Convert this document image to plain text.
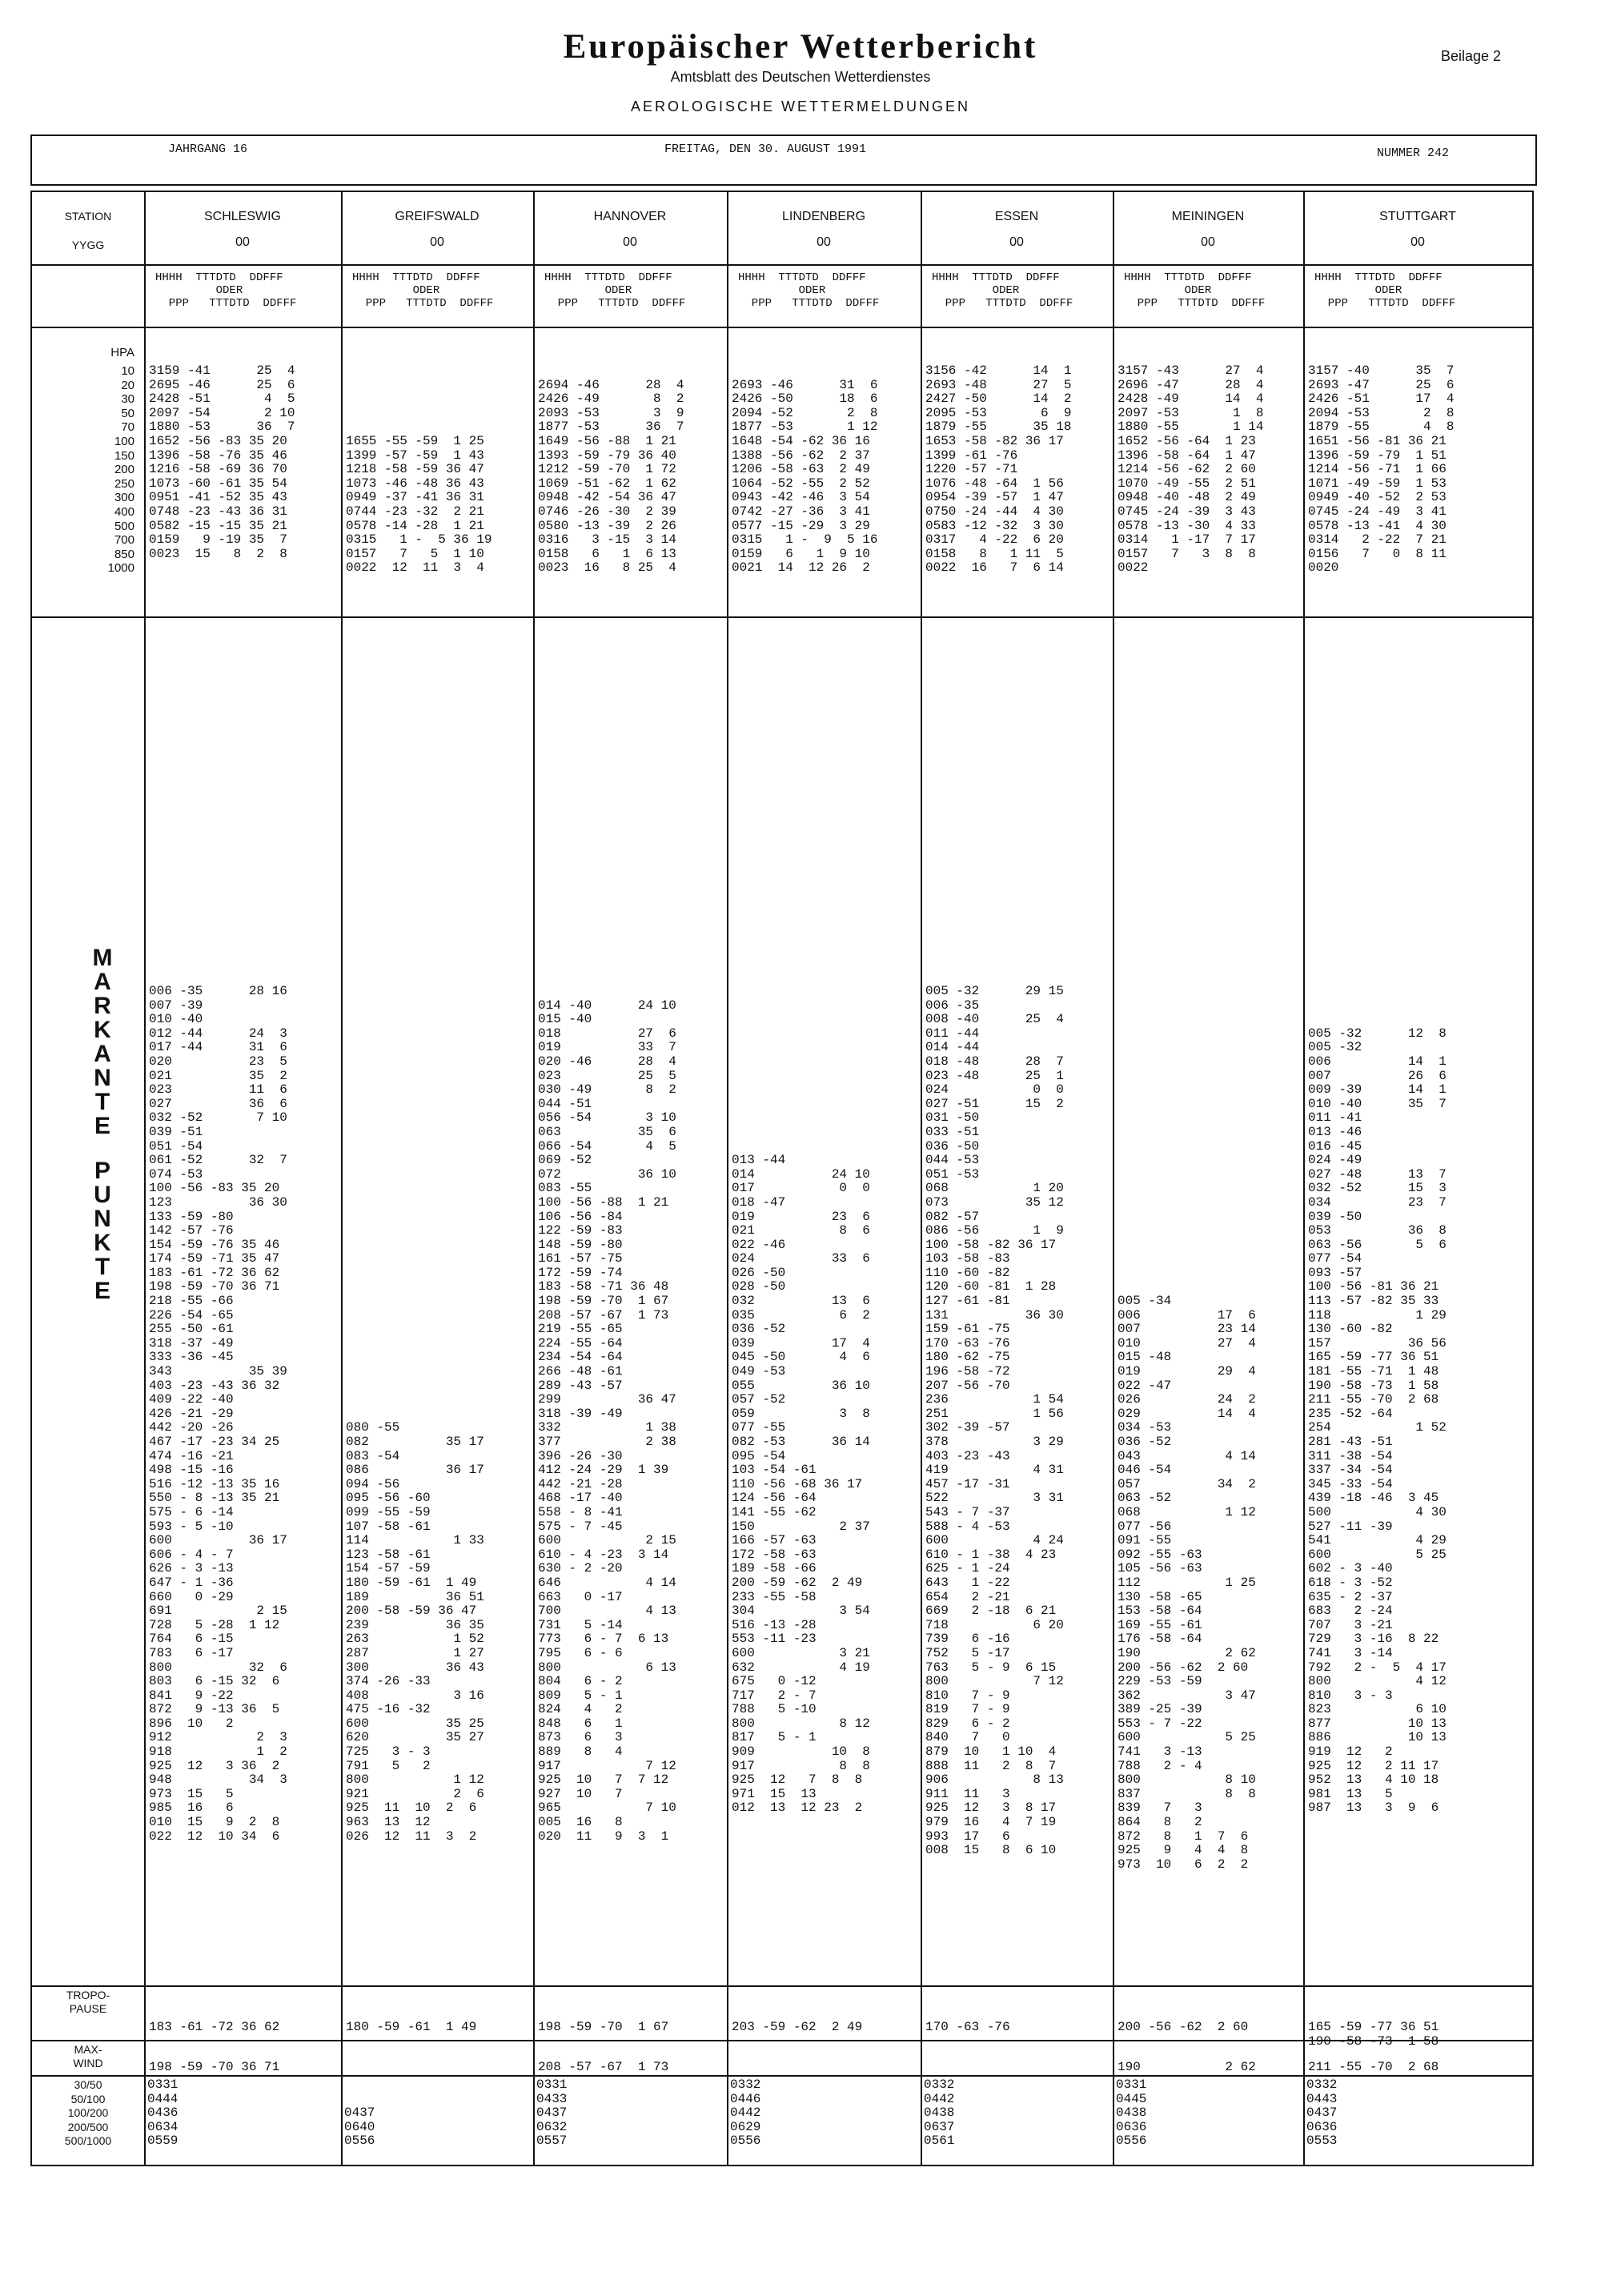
Europäischer Wetterbericht
Amtsblatt des Deutschen Wetterdienstes
AEROLOGISCHE WETTERMELDUNGEN
Beilage 2
JAHRGANG 16	FREITAG, DEN 30. AUGUST 1991	NUMMER 242
STATION
YYGG
HPA
10
20
30
50
70
100
150
200
250
300
400
500
700
850
1000
M
A
R
K
A
N
T
E
P
U
N
K
T
E
TROPO-
PAUSE
MAX-
WIND
30/50
50/100
100/200
200/500
500/1000
SCHLESWIG
00
HHHH  TTTDTD  DDFFF
ODER
PPP   TTTDTD  DDFFF
3159 -41      25  4
2695 -46      25  6
2428 -51       4  5
2097 -54       2 10
1880 -53      36  7
1652 -56 -83 35 20
1396 -58 -76 35 46
1216 -58 -69 36 70
1073 -60 -61 35 54
0951 -41 -52 35 43
0748 -23 -43 36 31
0582 -15 -15 35 21
0159   9 -19 35  7
0023  15   8  2  8
006 -35      28 16
007 -39
010 -40
012 -44      24  3
017 -44      31  6
020          23  5
021          35  2
023          11  6
027          36  6
032 -52       7 10
039 -51
051 -54
061 -52      32  7
074 -53
100 -56 -83 35 20
123          36 30
133 -59 -80
142 -57 -76
154 -59 -76 35 46
174 -59 -71 35 47
183 -61 -72 36 62
198 -59 -70 36 71
218 -55 -66
226 -54 -65
255 -50 -61
318 -37 -49
333 -36 -45
343          35 39
403 -23 -43 36 32
409 -22 -40
426 -21 -29
442 -20 -26
467 -17 -23 34 25
474 -16 -21
498 -15 -16
516 -12 -13 35 16
550 - 8 -13 35 21
575 - 6 -14
593 - 5 -10
600          36 17
606 - 4 - 7
626 - 3 -13
647 - 1 -36
660   0 -29
691           2 15
728   5 -28  1 12
764   6 -15
783   6 -17
800          32  6
803   6 -15 32  6
841   9 -22
872   9 -13 36  5
896  10   2
912           2  3
918           1  2
925  12   3 36  2
948          34  3
973  15   5
985  16   6
010  15   9  2  8
022  12  10 34  6
183 -61 -72 36 62
198 -59 -70 36 71
0331
0444
0436
0634
0559
GREIFSWALD
00
HHHH  TTTDTD  DDFFF
ODER
PPP   TTTDTD  DDFFF

1655 -55 -59  1 25
1399 -57 -59  1 43
1218 -58 -59 36 47
1073 -46 -48 36 43
0949 -37 -41 36 31
0744 -23 -32  2 21
0578 -14 -28  1 21
0315   1 -  5 36 19
0157   7   5  1 10
0022  12  11  3  4

080 -55
082          35 17
083 -54
086          36 17
094 -56
095 -56 -60
099 -55 -59
107 -58 -61
114           1 33
123 -58 -61
154 -57 -59
180 -59 -61  1 49
189          36 51
200 -58 -59 36 47
239          36 35
263           1 52
287           1 27
300          36 43
374 -26 -33
408           3 16
475 -16 -32
600          35 25
620          35 27
725   3 - 3
791   5   2
800           1 12
921           2  6
925  11  10  2  6
963  13  12
026  12  11  3  2
180 -59 -61  1 49

0437
0640
0556
HANNOVER
00
HHHH  TTTDTD  DDFFF
ODER
PPP   TTTDTD  DDFFF

2694 -46      28  4
2426 -49       8  2
2093 -53       3  9
1877 -53      36  7
1649 -56 -88  1 21
1393 -59 -79 36 40
1212 -59 -70  1 72
1069 -51 -62  1 62
0948 -42 -54 36 47
0746 -26 -30  2 39
0580 -13 -39  2 26
0316   3 -15  3 14
0158   6   1  6 13
0023  16   8 25  4

014 -40      24 10
015 -40
018          27  6
019          33  7
020 -46      28  4
023          25  5
030 -49       8  2
044 -51
056 -54       3 10
063          35  6
066 -54       4  5
069 -52
072          36 10
083 -55
100 -56 -88  1 21
106 -56 -84
122 -59 -83
148 -59 -80
161 -57 -75
172 -59 -74
183 -58 -71 36 48
198 -59 -70  1 67
208 -57 -67  1 73
219 -55 -65
224 -55 -64
234 -54 -64
266 -48 -61
289 -43 -57
299          36 47
318 -39 -49
332           1 38
377           2 38
396 -26 -30
412 -24 -29  1 39
442 -21 -28
468 -17 -40
558 - 8 -41
575 - 7 -45
600           2 15
610 - 4 -23  3 14
630 - 2 -20
646           4 14
663   0 -17
700           4 13
731   5 -14
773   6 - 7  6 13
795   6 - 6
800           6 13
804   6 - 2
809   5 - 1
824   4   2
848   6   1
873   6   3
889   8   4
917           7 12
925  10   7  7 12
927  10   7
965           7 10
005  16   8
020  11   9  3  1
198 -59 -70  1 67
208 -57 -67  1 73
0331
0433
0437
0632
0557
LINDENBERG
00
HHHH  TTTDTD  DDFFF
ODER
PPP   TTTDTD  DDFFF

2693 -46      31  6
2426 -50      18  6
2094 -52       2  8
1877 -53       1 12
1648 -54 -62 36 16
1388 -56 -62  2 37
1206 -58 -63  2 49
1064 -52 -55  2 52
0943 -42 -46  3 54
0742 -27 -36  3 41
0577 -15 -29  3 29
0315   1 -  9  5 16
0159   6   1  9 10
0021  14  12 26  2

013 -44
014          24 10
017           0  0
018 -47
019          23  6
021           8  6
022 -46
024          33  6
026 -50
028 -50
032          13  6
035           6  2
036 -52
039          17  4
045 -50       4  6
049 -53
055          36 10
057 -52
059           3  8
077 -55
082 -53      36 14
095 -54
103 -54 -61
110 -56 -68 36 17
124 -56 -64
141 -55 -62
150           2 37
166 -57 -63
172 -58 -63
189 -58 -66
200 -59 -62  2 49
233 -55 -58
304           3 54
516 -13 -28
553 -11 -23
600           3 21
632           4 19
675   0 -12
717   2 - 7
788   5 -10
800           8 12
817   5 - 1
909          10  8
917           8  8
925  12   7  8  8
971  15  13
012  13  12 23  2
203 -59 -62  2 49
0332
0446
0442
0629
0556
ESSEN
00
HHHH  TTTDTD  DDFFF
ODER
PPP   TTTDTD  DDFFF
3156 -42      14  1
2693 -48      27  5
2427 -50      14  2
2095 -53       6  9
1879 -55      35 18
1653 -58 -82 36 17
1399 -61 -76
1220 -57 -71
1076 -48 -64  1 56
0954 -39 -57  1 47
0750 -24 -44  4 30
0583 -12 -32  3 30
0317   4 -22  6 20
0158   8   1 11  5
0022  16   7  6 14
005 -32      29 15
006 -35
008 -40      25  4
011 -44
014 -44
018 -48      28  7
023 -48      25  1
024           0  0
027 -51      15  2
031 -50
033 -51
036 -50
044 -53
051 -53
068           1 20
073          35 12
082 -57
086 -56       1  9
100 -58 -82 36 17
103 -58 -83
110 -60 -82
120 -60 -81  1 28
127 -61 -81
131          36 30
159 -61 -75
170 -63 -76
180 -62 -75
196 -58 -72
207 -56 -70
236           1 54
251           1 56
302 -39 -57
378           3 29
403 -23 -43
419           4 31
457 -17 -31
522           3 31
543 - 7 -37
588 - 4 -53
600           4 24
610 - 1 -38  4 23
625 - 1 -24
643   1 -22
654   2 -21
669   2 -18  6 21
718           6 20
739   6 -16
752   5 -17
763   5 - 9  6 15
800           7 12
810   7 - 9
819   7 - 9
829   6 - 2
840   7   0
879  10   1 10  4
888  11   2  8  7
906           8 13
911  11   3
925  12   3  8 17
979  16   4  7 19
993  17   6
008  15   8  6 10
170 -63 -76
0332
0442
0438
0637
0561
MEININGEN
00
HHHH  TTTDTD  DDFFF
ODER
PPP   TTTDTD  DDFFF
3157 -43      27  4
2696 -47      28  4
2428 -49      14  4
2097 -53       1  8
1880 -55       1 14
1652 -56 -64  1 23
1396 -58 -64  1 47
1214 -56 -62  2 60
1070 -49 -55  2 51
0948 -40 -48  2 49
0745 -24 -39  3 43
0578 -13 -30  4 33
0314   1 -17  7 17
0157   7   3  8  8
0022

005 -34
006          17  6
007          23 14
010          27  4
015 -48
019          29  4
022 -47
026          24  2
029          14  4
034 -53
036 -52
043           4 14
046 -54
057          34  2
063 -52
068           1 12
077 -56
091 -55
092 -55 -63
105 -56 -63
112           1 25
130 -58 -65
153 -58 -64
169 -55 -61
176 -58 -64
190           2 62
200 -56 -62  2 60
229 -53 -59
362           3 47
389 -25 -39
553 - 7 -22
600           5 25
741   3 -13
788   2 - 4
800           8 10
837           8  8
839   7   3
864   8   2
872   8   1  7  6
925   9   4  4  8
973  10   6  2  2
200 -56 -62  2 60
190           2 62
0331
0445
0438
0636
0556
STUTTGART
00
HHHH  TTTDTD  DDFFF
ODER
PPP   TTTDTD  DDFFF
3157 -40      35  7
2693 -47      25  6
2426 -51      17  4
2094 -53       2  8
1879 -55       4  8
1651 -56 -81 36 21
1396 -59 -79  1 51
1214 -56 -71  1 66
1071 -49 -59  1 53
0949 -40 -52  2 53
0745 -24 -49  3 41
0578 -13 -41  4 30
0314   2 -22  7 21
0156   7   0  8 11
0020

005 -32      12  8
005 -32
006          14  1
007          26  6
009 -39      14  1
010 -40      35  7
011 -41
013 -46
016 -45
024 -49
027 -48      13  7
032 -52      15  3
034          23  7
039 -50
053          36  8
063 -56       5  6
077 -54
093 -57
100 -56 -81 36 21
113 -57 -82 35 33
118           1 29
130 -60 -82
157          36 56
165 -59 -77 36 51
181 -55 -71  1 48
190 -58 -73  1 58
211 -55 -70  2 68
235 -52 -64
254           1 52
281 -43 -51
311 -38 -54
337 -34 -54
345 -33 -54
439 -18 -46  3 45
500           4 30
527 -11 -39
541           4 29
600           5 25
602 - 3 -40
618 - 3 -52
635 - 2 -37
683   2 -24
707   3 -21
729   3 -16  8 22
741   3 -14
792   2 -  5  4 17
800           4 12
810   3 - 3
823           6 10
877          10 13
886          10 13
919  12   2
925  12   2 11 17
952  13   4 10 18
981  13   5
987  13   3  9  6
165 -59 -77 36 51
190 -58 -73  1 58
211 -55 -70  2 68
0332
0443
0437
0636
0553
